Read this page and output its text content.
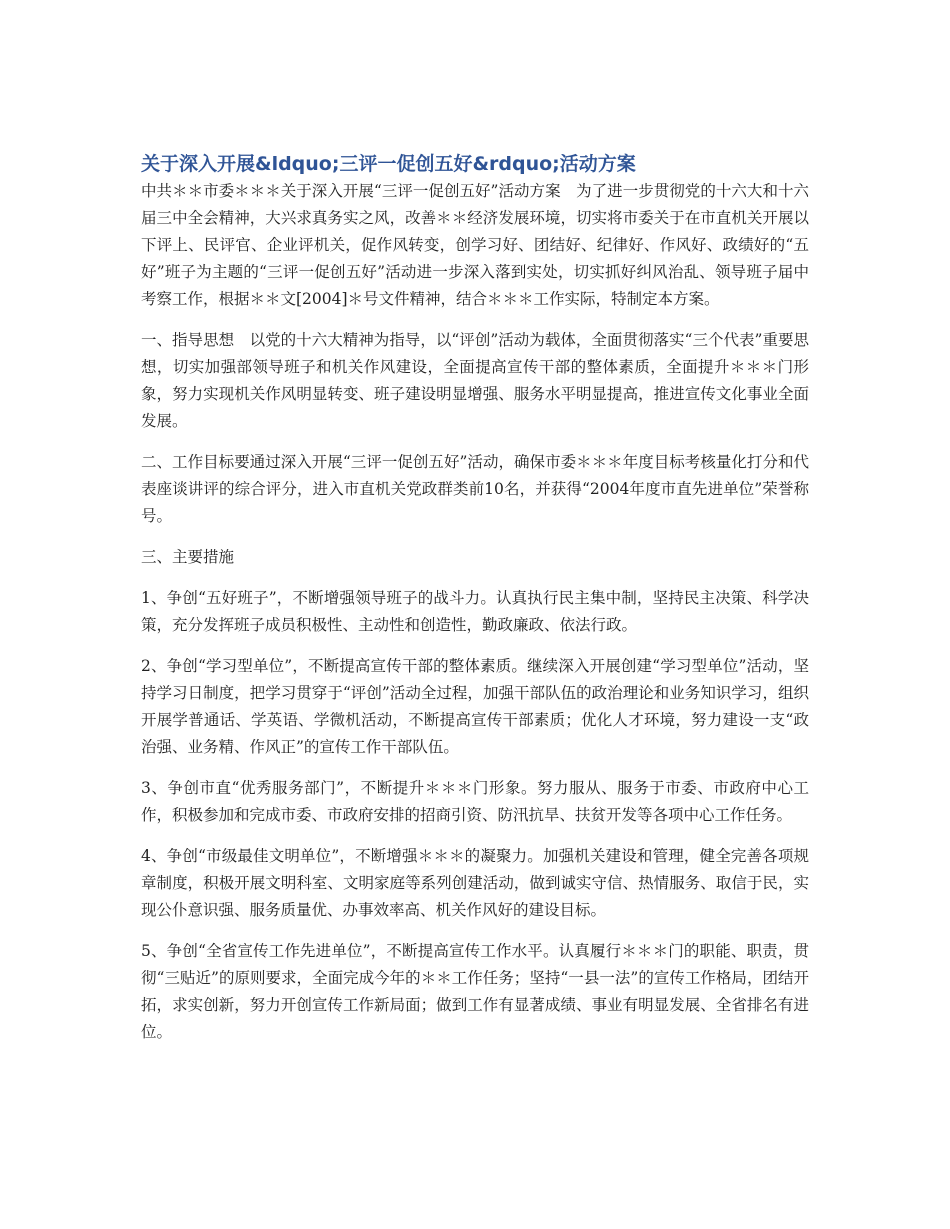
关于深入开展&ldquo;三评一促创五好&rdquo;活动方案

中共＊＊市委＊＊＊关于深入开展“三评一促创五好”活动方案　为了进一步贯彻党的十六大和十六届三中全会精神，大兴求真务实之风，改善＊＊经济发展环境，切实将市委关于在市直机关开展以下评上、民评官、企业评机关，促作风转变，创学习好、团结好、纪律好、作风好、政绩好的“五好”班子为主题的“三评一促创五好”活动进一步深入落到实处，切实抓好纠风治乱、领导班子届中考察工作，根据＊＊文[2004]＊号文件精神，结合＊＊＊工作实际，特制定本方案。

一、指导思想　以党的十六大精神为指导，以“评创”活动为载体，全面贯彻落实“三个代表”重要思想，切实加强部领导班子和机关作风建设，全面提高宣传干部的整体素质，全面提升＊＊＊门形象，努力实现机关作风明显转变、班子建设明显增强、服务水平明显提高，推进宣传文化事业全面发展。

二、工作目标要通过深入开展“三评一促创五好”活动，确保市委＊＊＊年度目标考核量化打分和代表座谈讲评的综合评分，进入市直机关党政群类前10名，并获得“2004年度市直先进单位”荣誉称号。

三、主要措施

1、争创“五好班子”，不断增强领导班子的战斗力。认真执行民主集中制，坚持民主决策、科学决策，充分发挥班子成员积极性、主动性和创造性，勤政廉政、依法行政。

2、争创“学习型单位”，不断提高宣传干部的整体素质。继续深入开展创建“学习型单位”活动，坚持学习日制度，把学习贯穿于“评创”活动全过程，加强干部队伍的政治理论和业务知识学习，组织开展学普通话、学英语、学微机活动，不断提高宣传干部素质；优化人才环境，努力建设一支“政治强、业务精、作风正”的宣传工作干部队伍。

3、争创市直“优秀服务部门”，不断提升＊＊＊门形象。努力服从、服务于市委、市政府中心工作，积极参加和完成市委、市政府安排的招商引资、防汛抗旱、扶贫开发等各项中心工作任务。

4、争创“市级最佳文明单位”，不断增强＊＊＊的凝聚力。加强机关建设和管理，健全完善各项规章制度，积极开展文明科室、文明家庭等系列创建活动，做到诚实守信、热情服务、取信于民，实现公仆意识强、服务质量优、办事效率高、机关作风好的建设目标。

5、争创“全省宣传工作先进单位”，不断提高宣传工作水平。认真履行＊＊＊门的职能、职责，贯彻“三贴近”的原则要求，全面完成今年的＊＊工作任务；坚持“一县一法”的宣传工作格局，团结开拓，求实创新，努力开创宣传工作新局面；做到工作有显著成绩、事业有明显发展、全省排名有进位。
